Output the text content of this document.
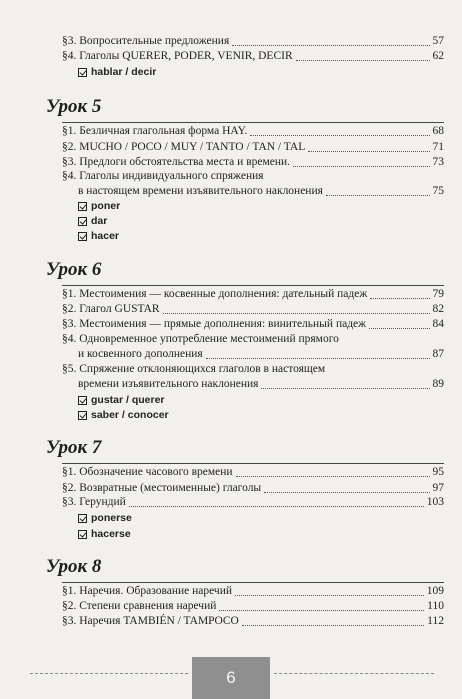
§3. Вопросительные предложения	57
§4. Глаголы QUERER, PODER, VENIR, DECIR	62
hablar / decir
Урок 5
§1. Безличная глагольная форма HAY.	68
§2. MUCHO / POCO / MUY / TANTO / TAN / TAL	71
§3. Предлоги обстоятельства места и времени.	73
§4. Глаголы индивидуального спряжения
в настоящем времени изъявительного наклонения	75
poner
dar
hacer
Урок 6
§1. Местоимения — косвенные дополнения: дательный падеж	79
§2. Глагол GUSTAR	82
§3. Местоимения — прямые дополнения: винительный падеж	84
§4. Одновременное употребление местоимений прямого
и косвенного дополнения	87
§5. Спряжение отклоняющихся глаголов в настоящем
времени изъявительного наклонения	89
gustar / querer
saber / conocer
Урок 7
§1. Обозначение часового времени	95
§2. Возвратные (местоименные) глаголы	97
§3. Герундий	103
ponerse
hacerse
Урок 8
§1. Наречия. Образование наречий	109
§2. Степени сравнения наречий	110
§3. Наречия TAMBIÉN / TAMPOCO	112
6
